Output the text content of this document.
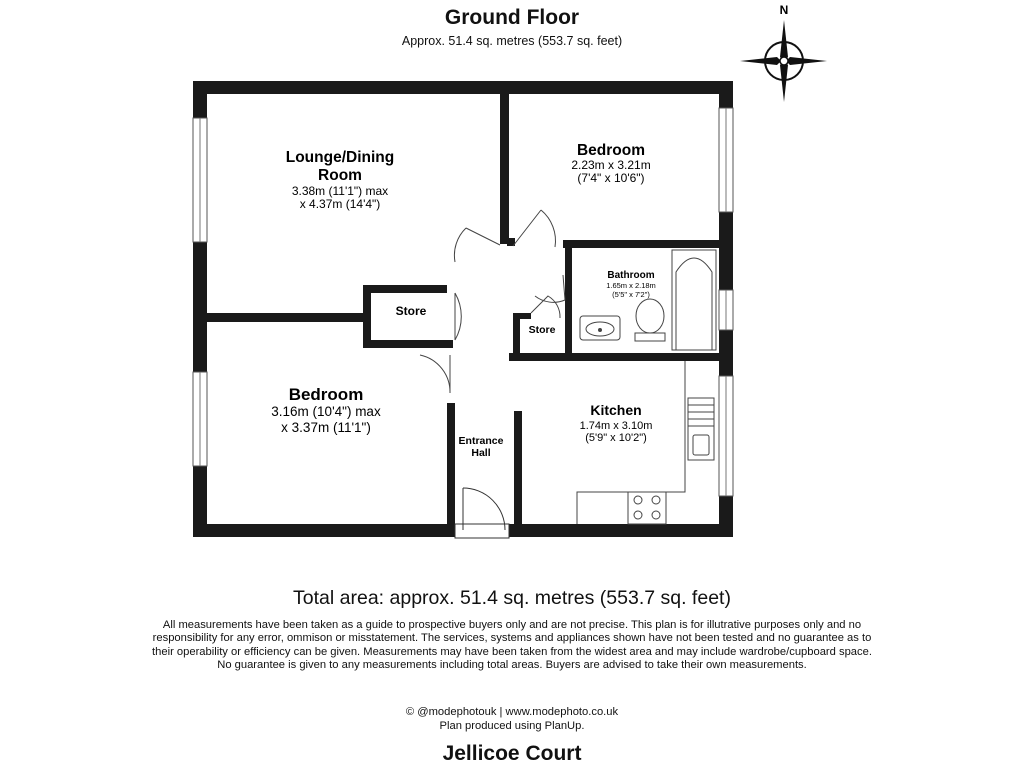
Ground Floor
Approx. 51.4 sq. metres (553.7 sq. feet)
N
Lounge/Dining
Room
3.38m (11'1") max
x 4.37m (14'4")
Bedroom
2.23m x 3.21m
(7'4" x 10'6")
Bathroom
1.65m x 2.18m
(5'5" x 7'2")
Store
Store
Bedroom
3.16m (10'4") max
x 3.37m (11'1")
Kitchen
1.74m x 3.10m
(5'9" x 10'2")
Entrance
Hall
Total area: approx. 51.4 sq. metres (553.7 sq. feet)
All measurements have been taken as a guide to prospective buyers only and are not precise. This plan is for illutrative purposes only and no responsibility for any error, ommison or misstatement. The services, systems and appliances shown have not been tested and no guarantee as to their operability or efficiency can be given. Measurements may have been taken from the widest area and may include wardrobe/cupboard space. No guarantee is given to any measurements including total areas. Buyers are advised to take their own measurements.
© @modephotouk | www.modephoto.co.uk
Plan produced using PlanUp.
Jellicoe Court
